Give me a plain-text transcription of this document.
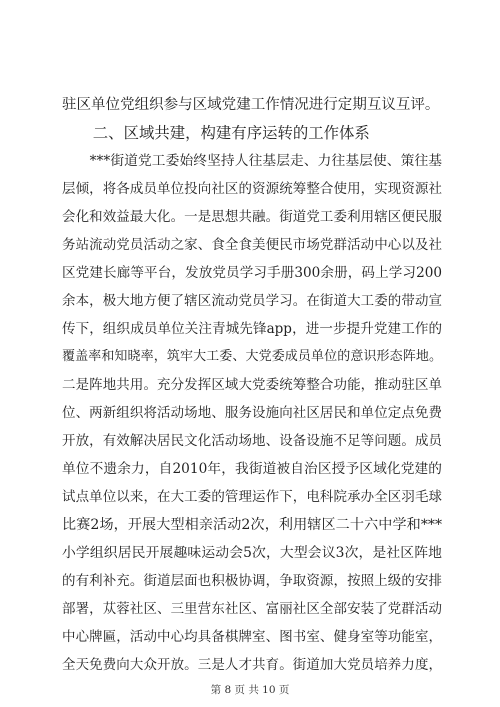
驻区单位党组织参与区域党建工作情况进行定期互议互评。
　　二、区域共建，构建有序运转的工作体系
　　***街道党工委始终坚持人往基层走、力往基层使、策往基
层倾，将各成员单位投向社区的资源统筹整合使用，实现资源社
会化和效益最大化。一是思想共融。街道党工委利用辖区便民服
务站流动党员活动之家、食全食美便民市场党群活动中心以及社
区党建长廊等平台，发放党员学习手册300余册，码上学习200
余本，极大地方便了辖区流动党员学习。在街道大工委的带动宣
传下，组织成员单位关注青城先锋app，进一步提升党建工作的
覆盖率和知晓率，筑牢大工委、大党委成员单位的意识形态阵地。
二是阵地共用。充分发挥区域大党委统筹整合功能，推动驻区单
位、两新组织将活动场地、服务设施向社区居民和单位定点免费
开放，有效解决居民文化活动场地、设备设施不足等问题。成员
单位不遗余力，自2010年，我街道被自治区授予区域化党建的
试点单位以来，在大工委的管理运作下，电科院承办全区羽毛球
比赛2场，开展大型相亲活动2次，利用辖区二十六中学和***
小学组织居民开展趣味运动会5次，大型会议3次，是社区阵地
的有利补充。街道层面也积极协调，争取资源，按照上级的安排
部署，苁蓉社区、三里营东社区、富丽社区全部安装了党群活动
中心牌匾，活动中心均具备棋牌室、图书室、健身室等功能室，
全天免费向大众开放。三是人才共育。街道加大党员培养力度，
第 8 页 共 10 页
